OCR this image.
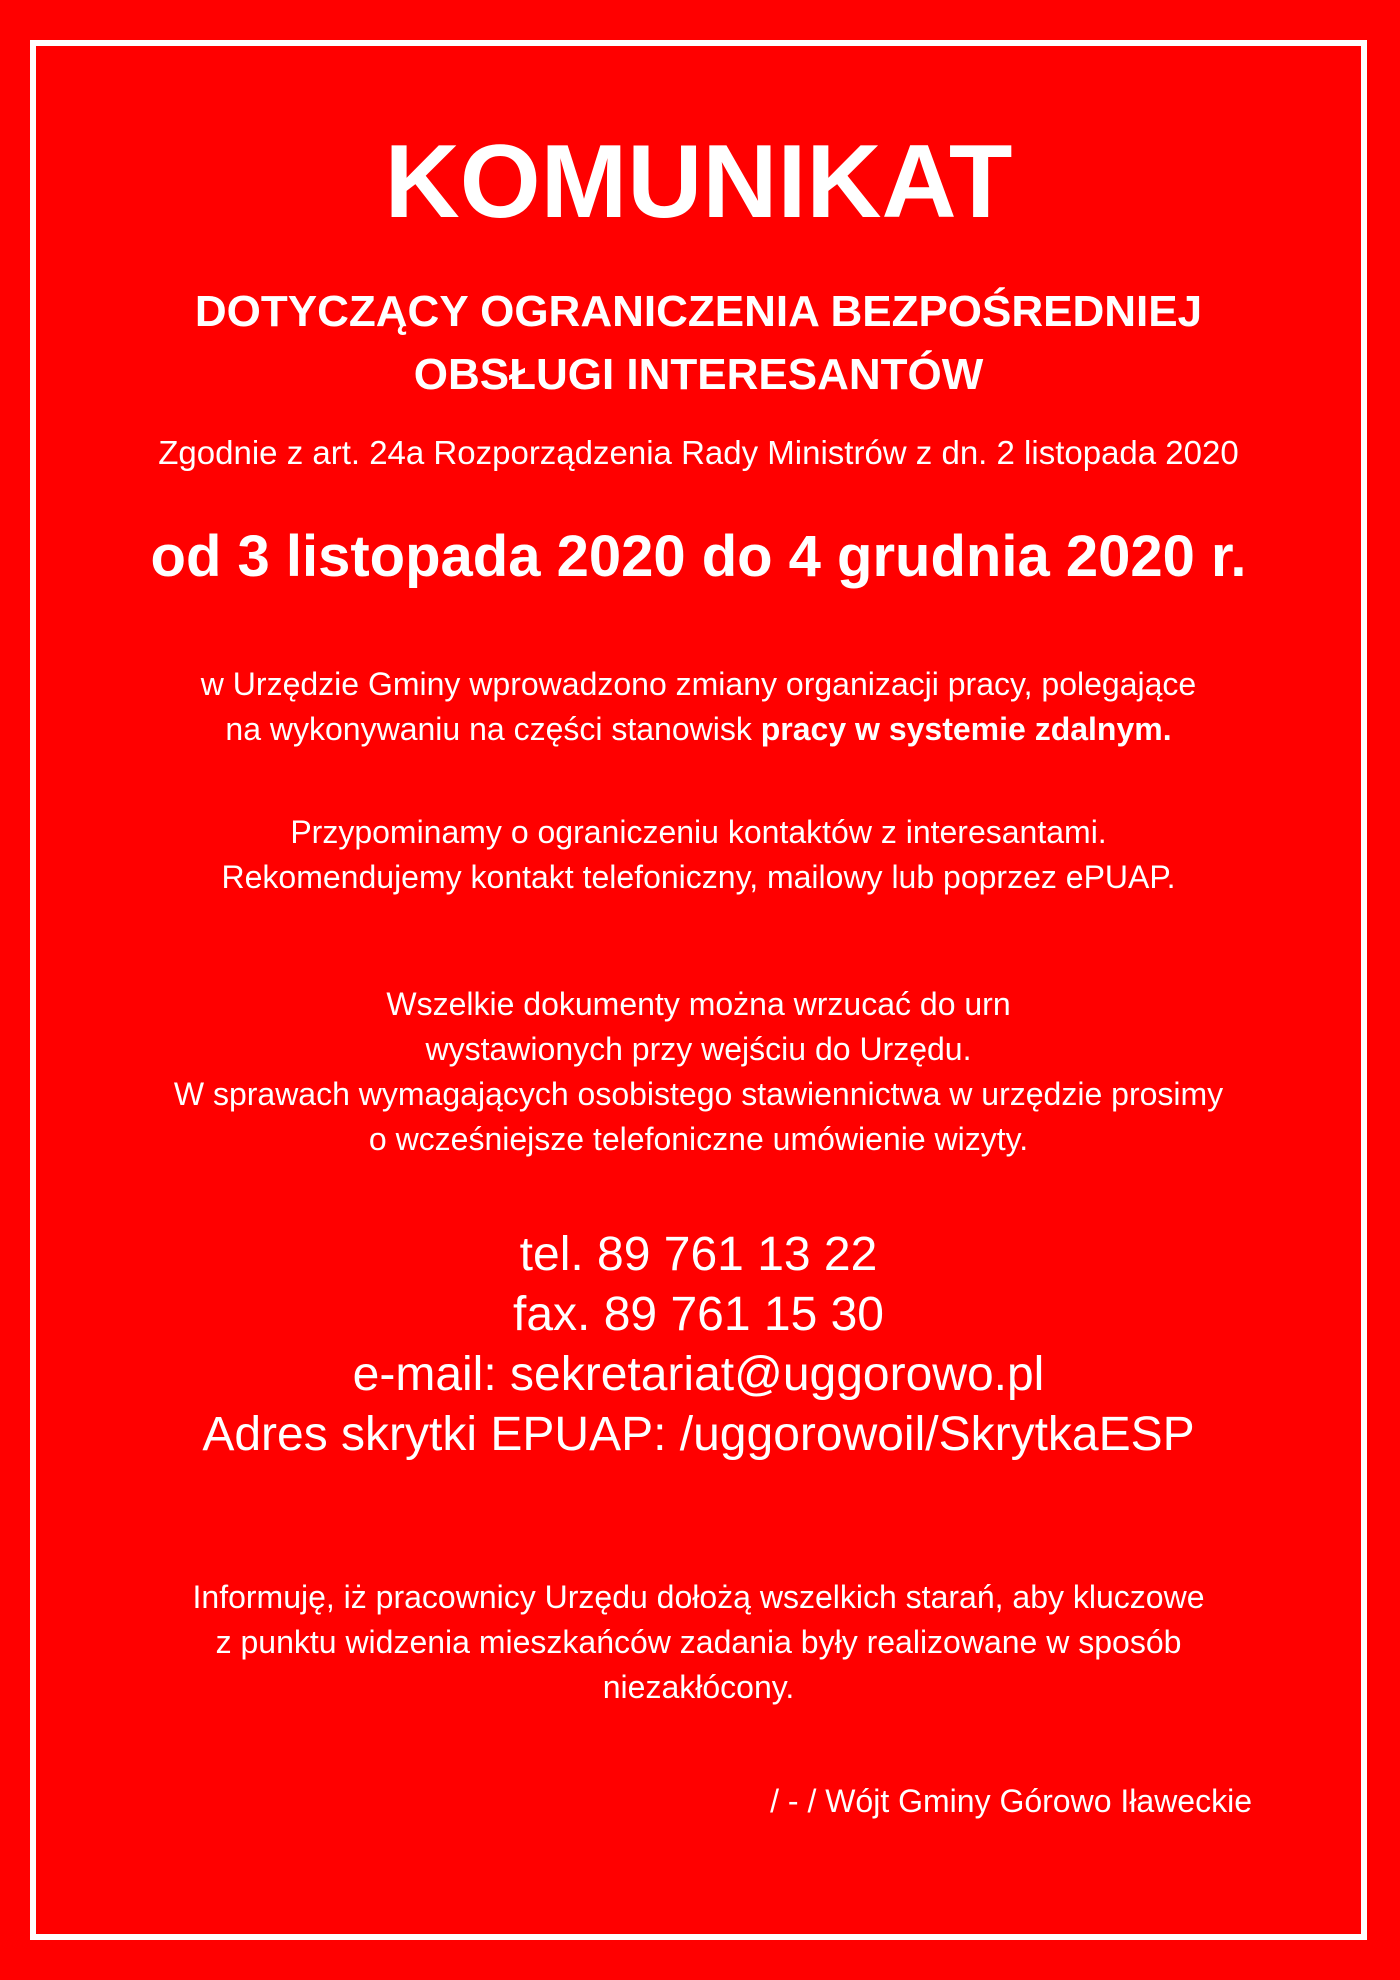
KOMUNIKAT
DOTYCZĄCY OGRANICZENIA BEZPOŚREDNIEJ
OBSŁUGI INTERESANTÓW
Zgodnie z art. 24a Rozporządzenia Rady Ministrów z dn. 2 listopada 2020
od 3 listopada 2020 do 4 grudnia 2020 r.
w Urzędzie Gminy wprowadzono zmiany organizacji pracy, polegające
na wykonywaniu na części stanowisk pracy w systemie zdalnym.
Przypominamy o ograniczeniu kontaktów z interesantami.
Rekomendujemy kontakt telefoniczny, mailowy lub poprzez ePUAP.
Wszelkie dokumenty można wrzucać do urn
wystawionych przy wejściu do Urzędu.
W sprawach wymagających osobistego stawiennictwa w urzędzie prosimy
o wcześniejsze telefoniczne umówienie wizyty.
tel. 89 761 13 22
fax. 89 761 15 30
e-mail: sekretariat@uggorowo.pl
Adres skrytki EPUAP: /uggorowoil/SkrytkaESP
Informuję, iż pracownicy Urzędu dołożą wszelkich starań, aby kluczowe
z punktu widzenia mieszkańców zadania były realizowane w sposób
niezakłócony.
/ - / Wójt Gminy Górowo Iławeckie
